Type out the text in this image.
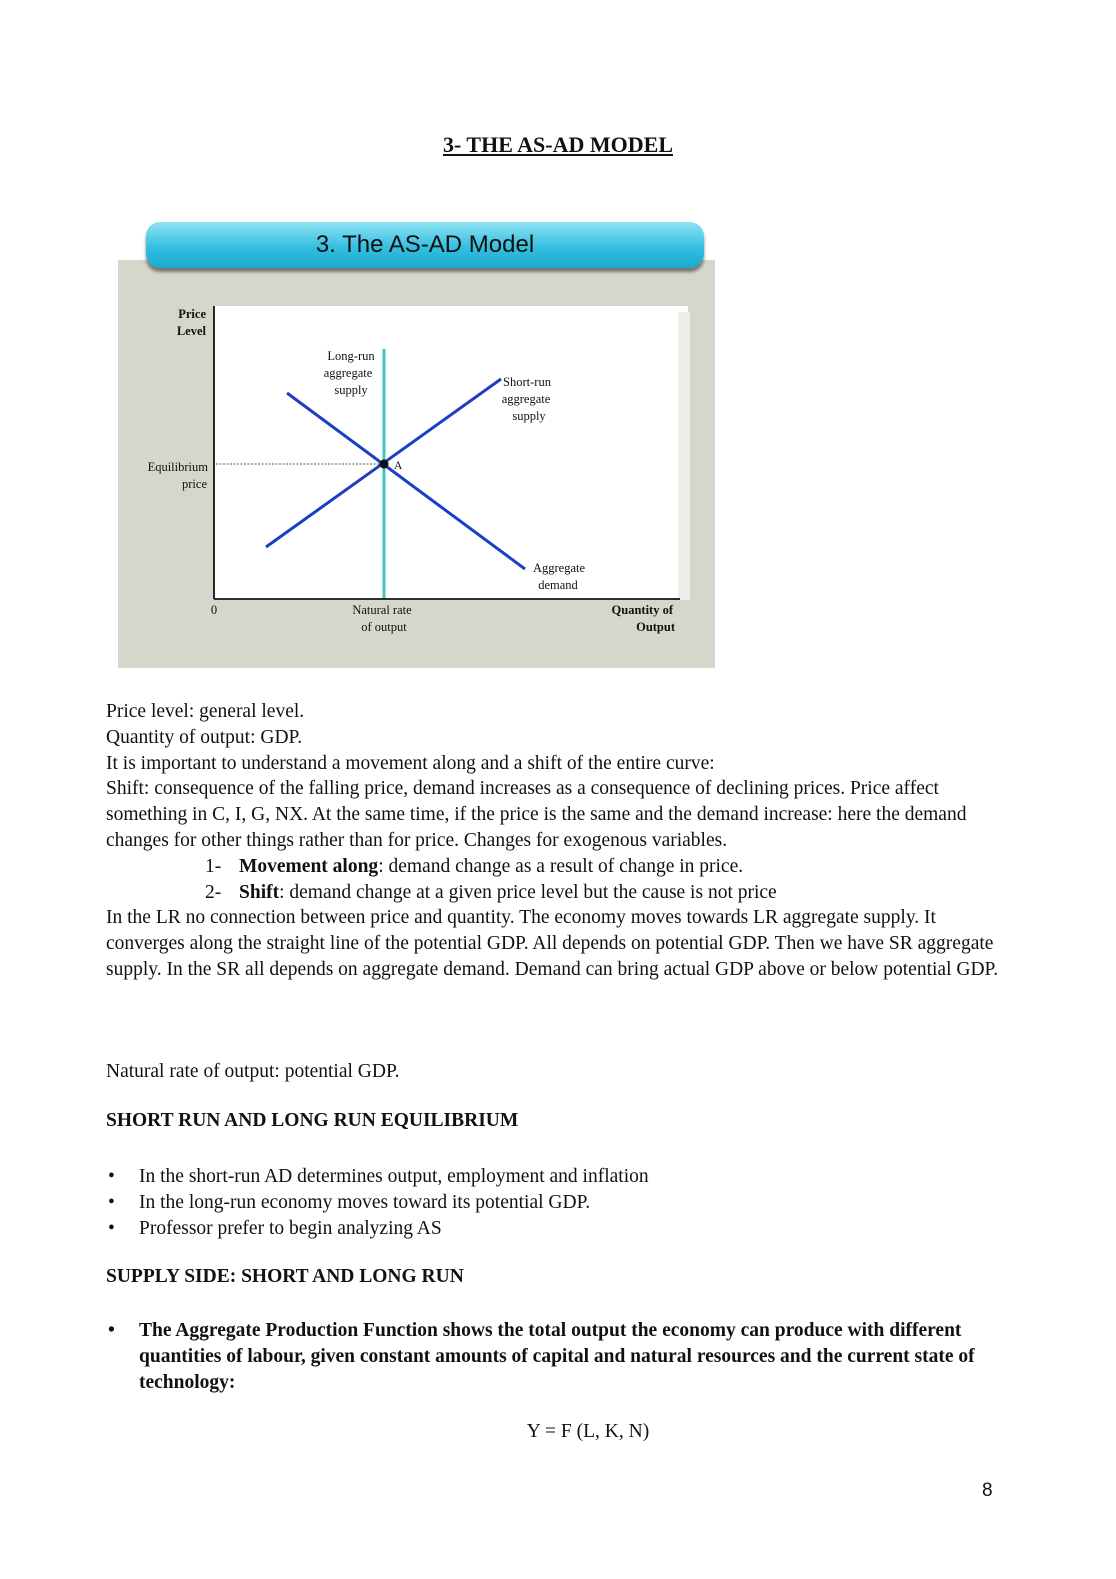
3- THE AS-AD MODEL
3. The AS-AD Model
Price
Level
Quantity of
Output
0
Equilibrium
price
Natural rate
of output
Long-run
aggregate
supply
Short-run
aggregate
supply
Aggregate
demand
A

Price level: general level.

Quantity of output: GDP.

It is important to understand a movement along and a shift of the entire curve:

Shift: consequence of the falling price, demand increases as a consequence of declining prices. Price affect something in C, I, G, NX. At the same time, if the price is the same and the demand increase: here the demand changes for other things rather than for price. Changes for exogenous variables.

1- Movement along: demand change as a result of change in price.
2- Shift: demand change at a given price level but the cause is not price

In the LR no connection between price and quantity. The economy moves towards LR aggregate supply. It converges along the straight line of the potential GDP. All depends on potential GDP. Then we have SR aggregate supply. In the SR all depends on aggregate demand. Demand can bring actual GDP above or below potential GDP.

Natural rate of output: potential GDP.
SHORT RUN AND LONG RUN EQUILIBRIUM
• In the short-run AD determines output, employment and inflation
• In the long-run economy moves toward its potential GDP.
• Professor prefer to begin analyzing AS
SUPPLY SIDE: SHORT AND LONG RUN
• The Aggregate Production Function shows the total output the economy can produce with different quantities of labour, given constant amounts of capital and natural resources and the current state of technology:
Y = F (L, K, N)
8
